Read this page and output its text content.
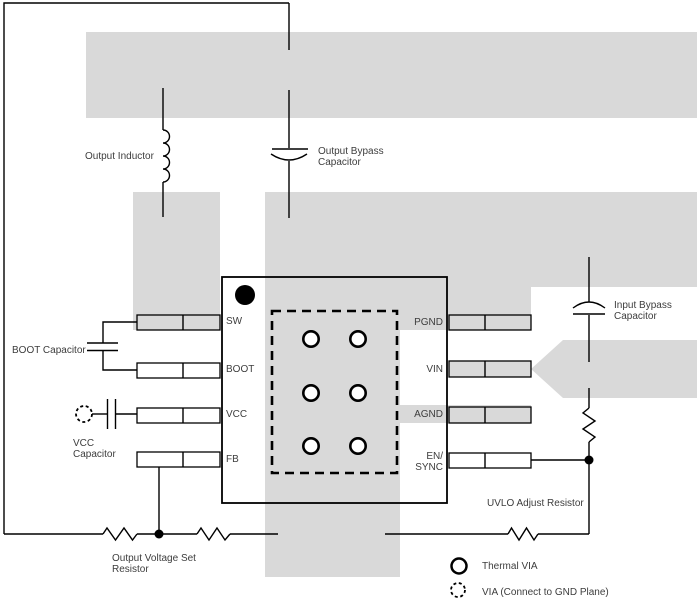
SW
BOOT
VCC
FB
PGND
VIN
AGND
EN/
SYNC
Output Inductor	Output Bypass
Capacitor
BOOT Capacitor
VCC
Capacitor
Input Bypass
Capacitor
UVLO Adjust Resistor
Output Voltage Set
Resistor	Thermal VIA
VIA (Connect to GND Plane)
